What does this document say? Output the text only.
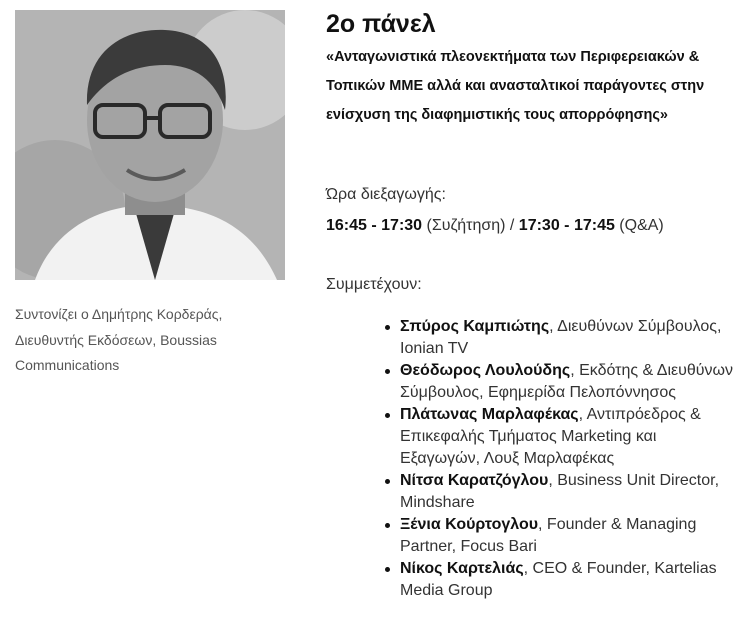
Συντονίζει ο Δημήτρης Κορδεράς, Διευθυντής Εκδόσεων, Boussias Communications
2ο πάνελ
«Ανταγωνιστικά πλεονεκτήματα των Περιφερειακών & Τοπικών ΜΜΕ αλλά και ανασταλτικοί παράγοντες στην ενίσχυση της διαφημιστικής τους απορρόφησης»
Ώρα διεξαγωγής:
16:45 - 17:30 (Συζήτηση) / 17:30 - 17:45 (Q&A)
Συμμετέχουν:
Σπύρος Καμπιώτης, Διευθύνων Σύμβουλος, Ionian TV
Θεόδωρος Λουλούδης, Εκδότης & Διευθύνων Σύμβουλος, Εφημερίδα Πελοπόννησος
Πλάτωνας Μαρλαφέκας, Αντιπρόεδρος & Επικεφαλής Τμήματος Marketing και Εξαγωγών, Λουξ Μαρλαφέκας
Νίτσα Καρατζόγλου, Business Unit Director, Mindshare
Ξένια Κούρτογλου, Founder & Managing Partner, Focus Bari
Νίκος Καρτελιάς, CEO & Founder, Kartelias Media Group
